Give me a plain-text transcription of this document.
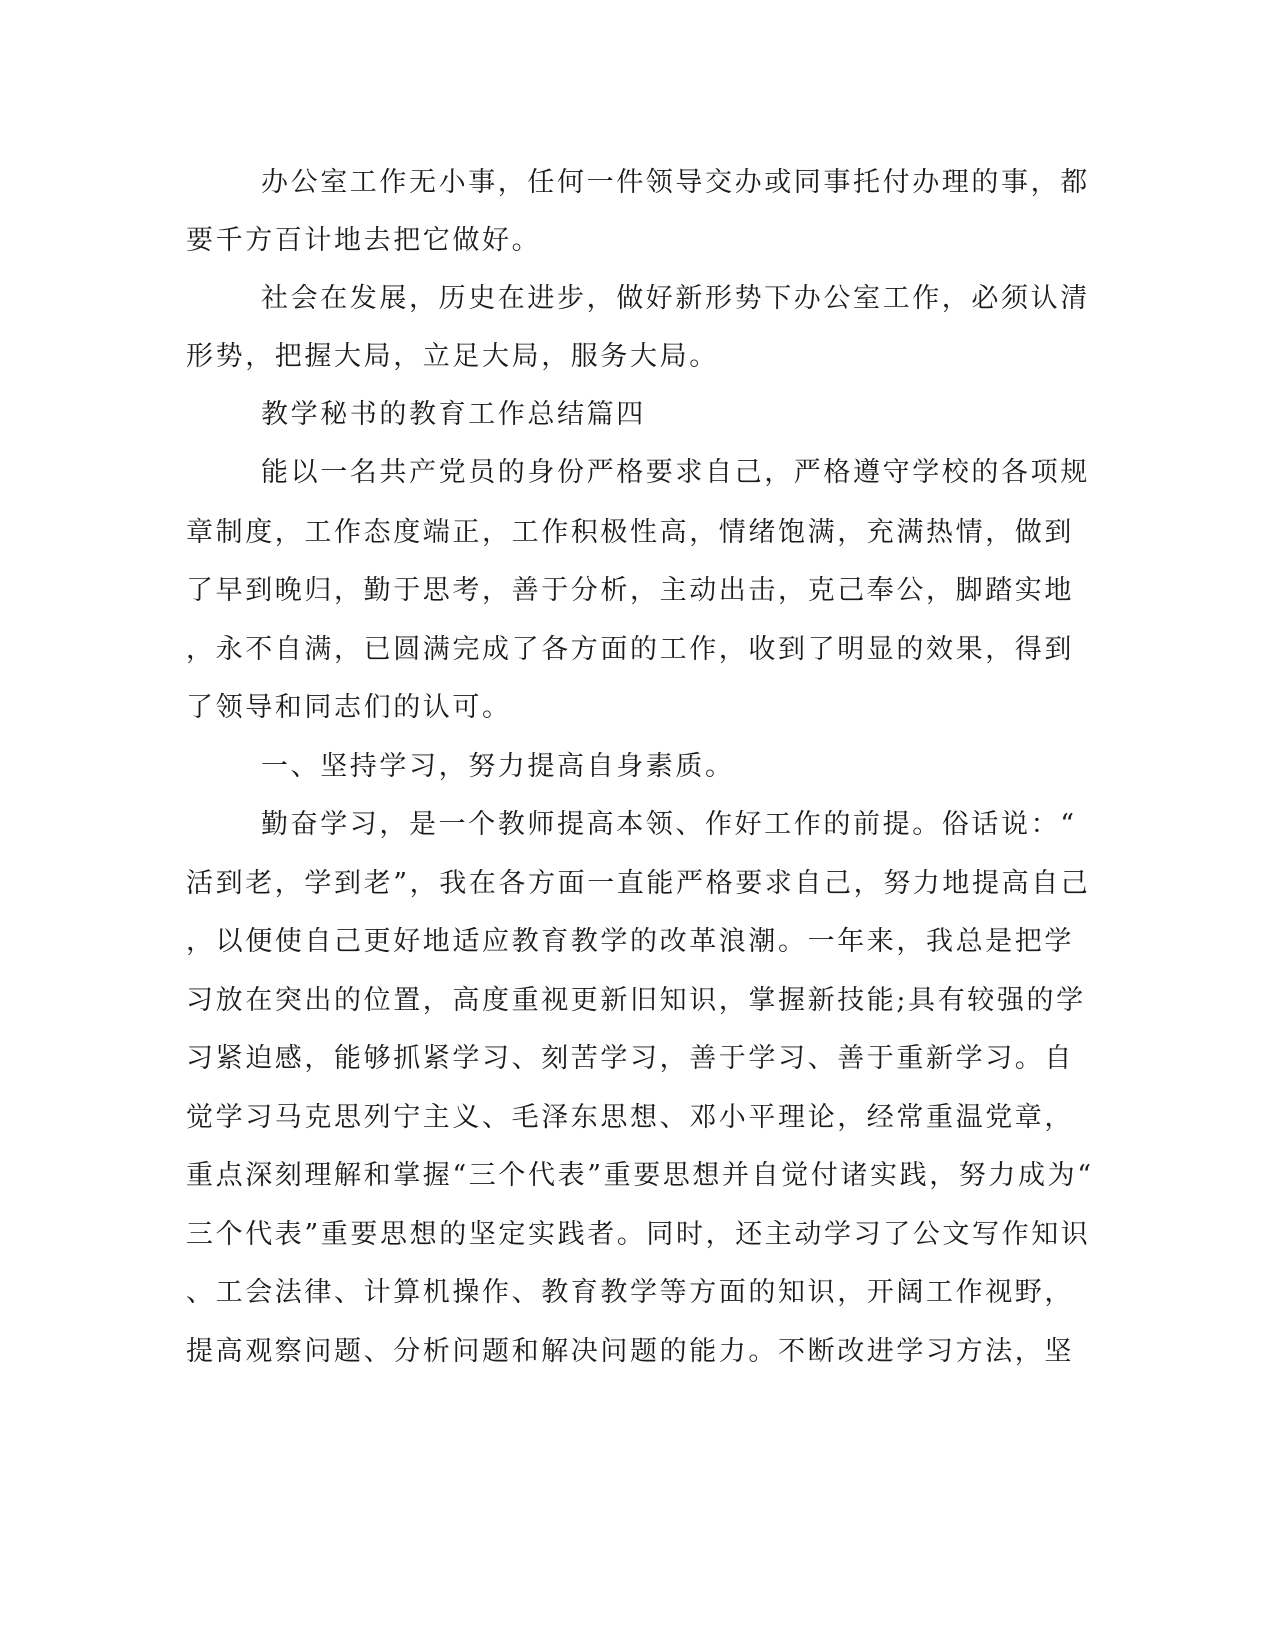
办公室工作无小事，任何一件领导交办或同事托付办理的事，都

要千方百计地去把它做好。

社会在发展，历史在进步，做好新形势下办公室工作，必须认清

形势，把握大局，立足大局，服务大局。

教学秘书的教育工作总结篇四

能以一名共产党员的身份严格要求自己，严格遵守学校的各项规

章制度，工作态度端正，工作积极性高，情绪饱满，充满热情，做到

了早到晚归，勤于思考，善于分析，主动出击，克己奉公，脚踏实地

，永不自满，已圆满完成了各方面的工作，收到了明显的效果，得到

了领导和同志们的认可。

一、坚持学习，努力提高自身素质。

勤奋学习，是一个教师提高本领、作好工作的前提。俗话说：“

活到老，学到老”，我在各方面一直能严格要求自己，努力地提高自己

，以便使自己更好地适应教育教学的改革浪潮。一年来，我总是把学

习放在突出的位置，高度重视更新旧知识，掌握新技能;具有较强的学

习紧迫感，能够抓紧学习、刻苦学习，善于学习、善于重新学习。自

觉学习马克思列宁主义、毛泽东思想、邓小平理论，经常重温党章，

重点深刻理解和掌握“三个代表”重要思想并自觉付诸实践，努力成为“

三个代表”重要思想的坚定实践者。同时，还主动学习了公文写作知识

、工会法律、计算机操作、教育教学等方面的知识，开阔工作视野，

提高观察问题、分析问题和解决问题的能力。不断改进学习方法，坚
